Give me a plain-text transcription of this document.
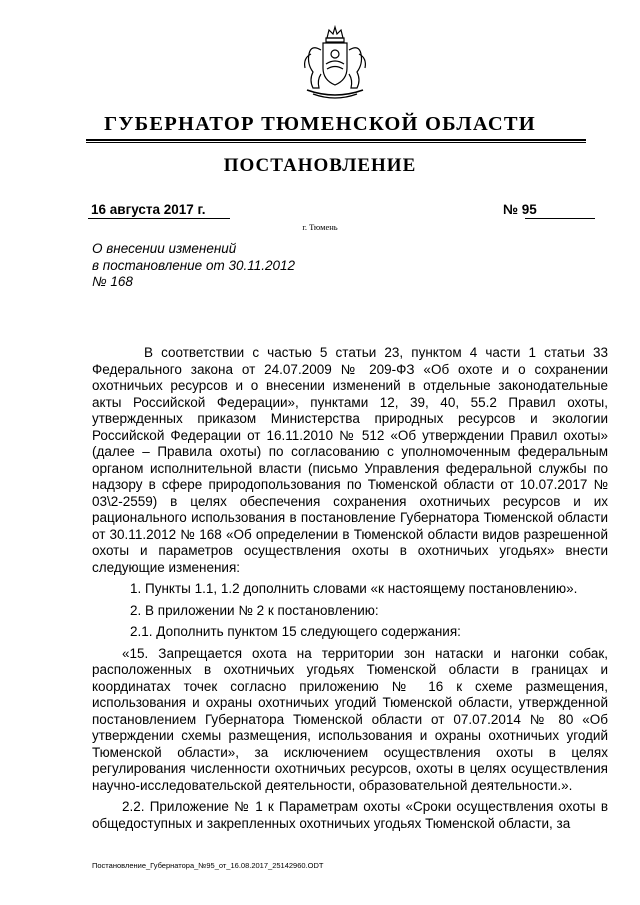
ГУБЕРНАТОР ТЮМЕНСКОЙ ОБЛАСТИ
ПОСТАНОВЛЕНИЕ
16 августа 2017 г.	№ 95
г. Тюмень
О внесении изменений
в постановление от 30.11.2012
№ 168

В соответствии с частью 5 статьи 23, пунктом 4 части 1 статьи 33 Федерального закона от 24.07.2009 № 209-ФЗ «Об охоте и о сохранении охотничьих ресурсов и о внесении изменений в отдельные законодательные акты Российской Федерации», пунктами 12, 39, 40, 55.2 Правил охоты, утвержденных приказом Министерства природных ресурсов и экологии Российской Федерации от 16.11.2010 № 512 «Об утверждении Правил охоты» (далее – Правила охоты) по согласованию с уполномоченным федеральным органом исполнительной власти (письмо Управления федеральной службы по надзору в сфере природопользования по Тюменской области от 10.07.2017 № 03\2-2559) в целях обеспечения сохранения охотничьих ресурсов и их рационального использования в постановление Губернатора Тюменской области от 30.11.2012 № 168 «Об определении в Тюменской области видов разрешенной охоты и параметров осуществления охоты в охотничьих угодьях» внести следующие изменения:

1. Пункты 1.1, 1.2 дополнить словами «к настоящему постановлению».

2. В приложении № 2 к постановлению:

2.1. Дополнить пунктом 15 следующего содержания:

«15. Запрещается охота на территории зон натаски и нагонки собак, расположенных в охотничьих угодьях Тюменской области в границах и координатах точек согласно приложению № 16 к схеме размещения, использования и охраны охотничьих угодий Тюменской области, утвержденной постановлением Губернатора Тюменской области от 07.07.2014 № 80 «Об утверждении схемы размещения, использования и охраны охотничьих угодий Тюменской области», за исключением осуществления охоты в целях регулирования численности охотничьих ресурсов, охоты в целях осуществления научно-исследовательской деятельности, образовательной деятельности.».

2.2. Приложение № 1 к Параметрам охоты «Сроки осуществления охоты в общедоступных и закрепленных охотничьих угодьях Тюменской области, за

Постановление_Губернатора_№95_от_16.08.2017_25142960.ODT
